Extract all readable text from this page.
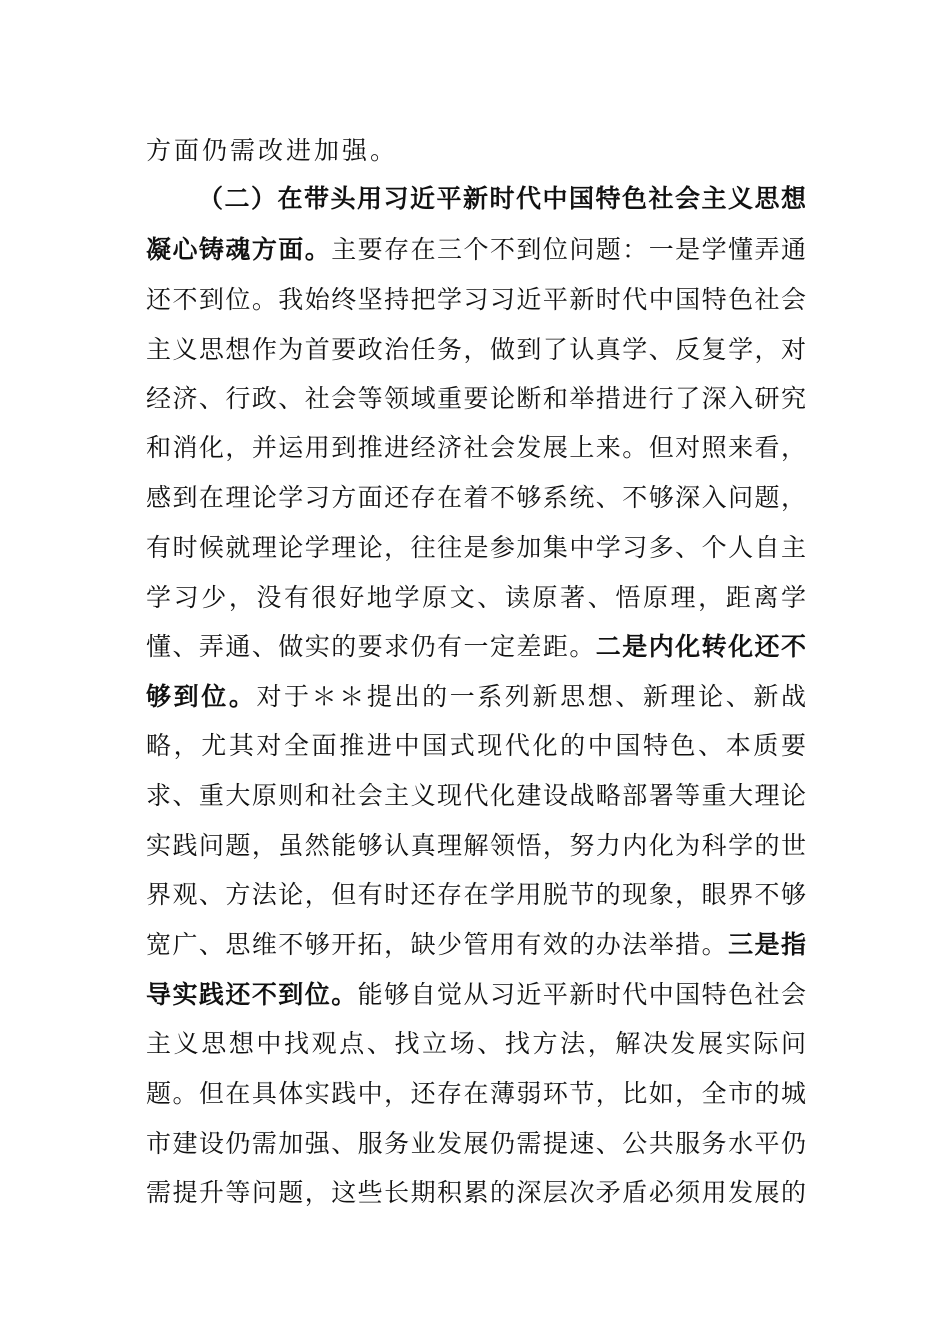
方面仍需改进加强。
（二）在带头用习近平新时代中国特色社会主义思想
凝心铸魂方面。主要存在三个不到位问题：一是学懂弄通
还不到位。我始终坚持把学习习近平新时代中国特色社会
主义思想作为首要政治任务，做到了认真学、反复学，对
经济、行政、社会等领域重要论断和举措进行了深入研究
和消化，并运用到推进经济社会发展上来。但对照来看，
感到在理论学习方面还存在着不够系统、不够深入问题，
有时候就理论学理论，往往是参加集中学习多、个人自主
学习少，没有很好地学原文、读原著、悟原理，距离学
懂、弄通、做实的要求仍有一定差距。二是内化转化还不
够到位。对于＊＊提出的一系列新思想、新理论、新战
略，尤其对全面推进中国式现代化的中国特色、本质要
求、重大原则和社会主义现代化建设战略部署等重大理论
实践问题，虽然能够认真理解领悟，努力内化为科学的世
界观、方法论，但有时还存在学用脱节的现象，眼界不够
宽广、思维不够开拓，缺少管用有效的办法举措。三是指
导实践还不到位。能够自觉从习近平新时代中国特色社会
主义思想中找观点、找立场、找方法，解决发展实际问
题。但在具体实践中，还存在薄弱环节，比如，全市的城
市建设仍需加强、服务业发展仍需提速、公共服务水平仍
需提升等问题，这些长期积累的深层次矛盾必须用发展的
